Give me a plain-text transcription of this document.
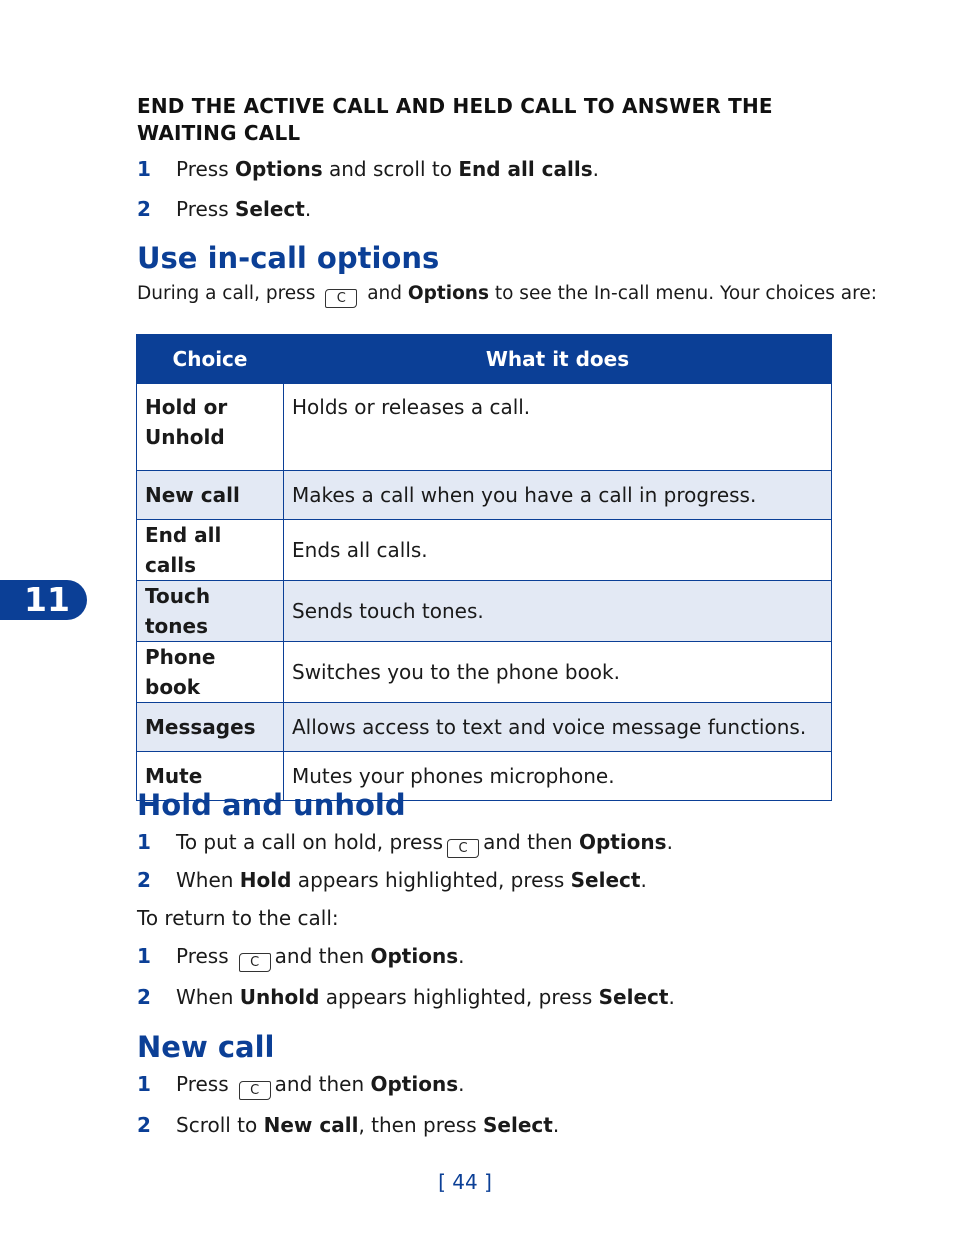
END THE ACTIVE CALL AND HELD CALL TO ANSWER THE WAITING CALL
1 Press Options and scroll to End all calls.
2 Press Select.
Use in-call options
During a call, press C and Options to see the In-call menu. Your choices are:
Choice	What it does
Hold or Unhold	Holds or releases a call.
New call	Makes a call when you have a call in progress.
End all calls	Ends all calls.
Touch tones	Sends touch tones.
Phone book	Switches you to the phone book.
Messages	Allows access to text and voice message functions.
Mute	Mutes your phones microphone.
11
Hold and unhold
1 To put a call on hold, press C and then Options.
2 When Hold appears highlighted, press Select.
To return to the call:
1 Press C and then Options.
2 When Unhold appears highlighted, press Select.
New call
1 Press C and then Options.
2 Scroll to New call, then press Select.
[ 44 ]
